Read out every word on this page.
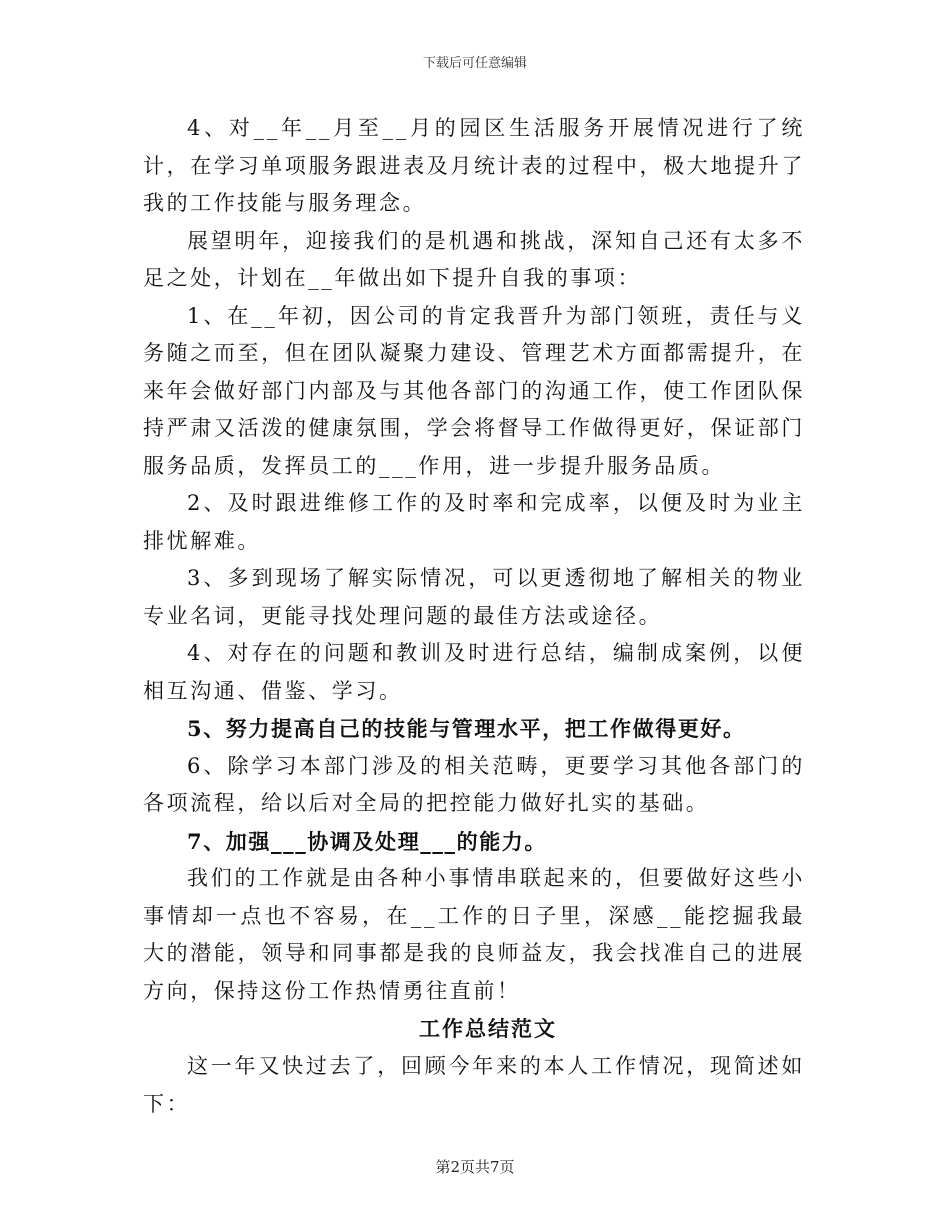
下载后可任意编辑

4、对__年__月至__月的园区生活服务开展情况进行了统计，在学习单项服务跟进表及月统计表的过程中，极大地提升了我的工作技能与服务理念。

展望明年，迎接我们的是机遇和挑战，深知自己还有太多不足之处，计划在__年做出如下提升自我的事项：

1、在__年初，因公司的肯定我晋升为部门领班，责任与义务随之而至，但在团队凝聚力建设、管理艺术方面都需提升，在来年会做好部门内部及与其他各部门的沟通工作，使工作团队保持严肃又活泼的健康氛围，学会将督导工作做得更好，保证部门服务品质，发挥员工的___作用，进一步提升服务品质。

2、及时跟进维修工作的及时率和完成率，以便及时为业主排忧解难。

3、多到现场了解实际情况，可以更透彻地了解相关的物业专业名词，更能寻找处理问题的最佳方法或途径。

4、对存在的问题和教训及时进行总结，编制成案例，以便相互沟通、借鉴、学习。

5、努力提高自己的技能与管理水平，把工作做得更好。

6、除学习本部门涉及的相关范畴，更要学习其他各部门的各项流程，给以后对全局的把控能力做好扎实的基础。

7、加强___协调及处理___的能力。

我们的工作就是由各种小事情串联起来的，但要做好这些小事情却一点也不容易，在__工作的日子里，深感__能挖掘我最大的潜能，领导和同事都是我的良师益友，我会找准自己的进展方向，保持这份工作热情勇往直前！

工作总结范文

这一年又快过去了，回顾今年来的本人工作情况，现简述如下：

第2页共7页
